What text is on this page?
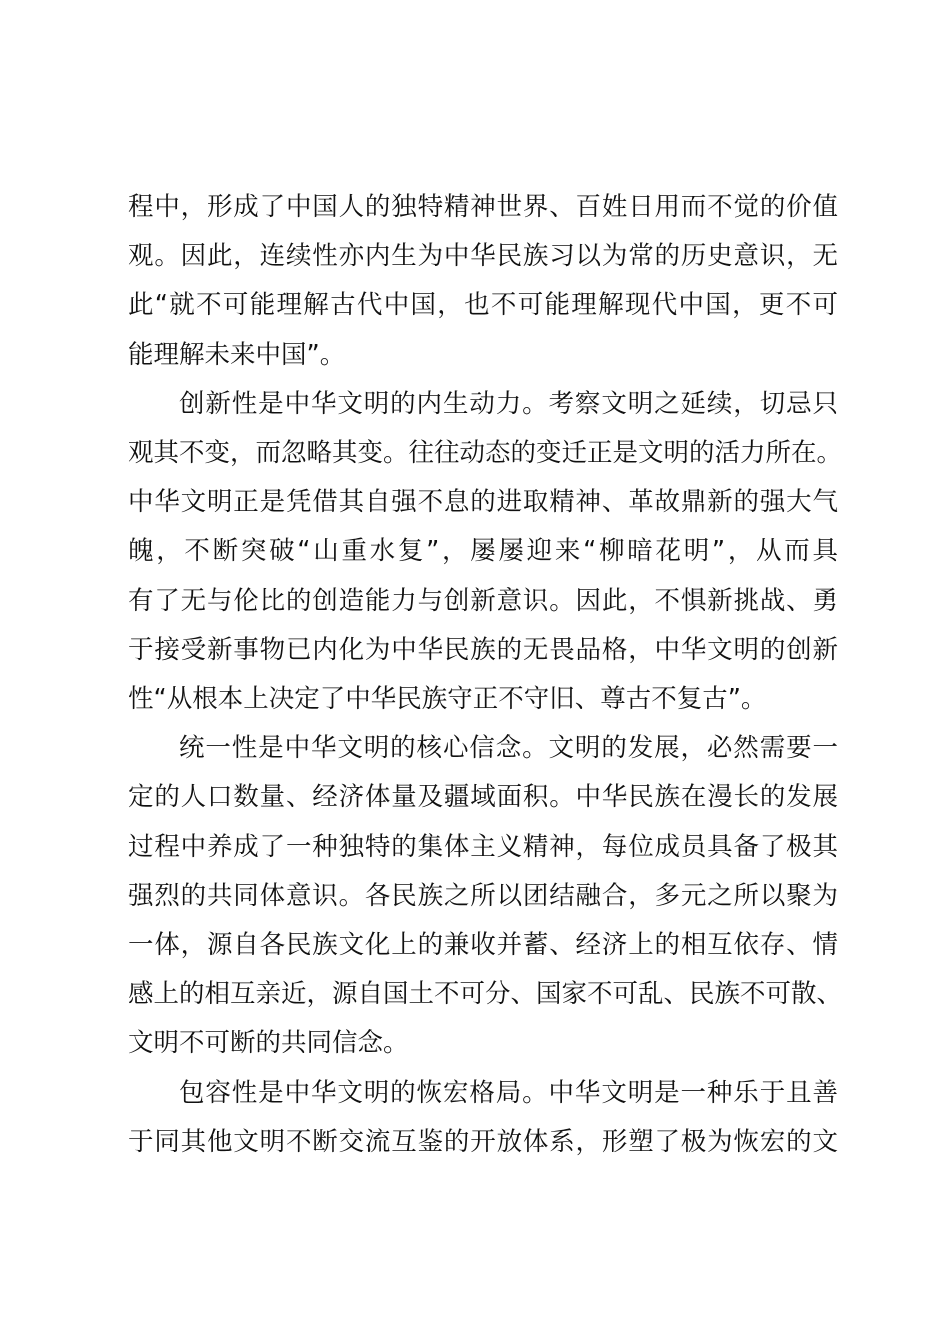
程中，形成了中国人的独特精神世界、百姓日用而不觉的价值
观。因此，连续性亦内生为中华民族习以为常的历史意识，无
此“就不可能理解古代中国，也不可能理解现代中国，更不可
能理解未来中国”。

创新性是中华文明的内生动力。考察文明之延续，切忌只
观其不变，而忽略其变。往往动态的变迁正是文明的活力所在。
中华文明正是凭借其自强不息的进取精神、革故鼎新的强大气
魄，不断突破“山重水复”，屡屡迎来“柳暗花明”，从而具
有了无与伦比的创造能力与创新意识。因此，不惧新挑战、勇
于接受新事物已内化为中华民族的无畏品格，中华文明的创新
性“从根本上决定了中华民族守正不守旧、尊古不复古”。

统一性是中华文明的核心信念。文明的发展，必然需要一
定的人口数量、经济体量及疆域面积。中华民族在漫长的发展
过程中养成了一种独特的集体主义精神，每位成员具备了极其
强烈的共同体意识。各民族之所以团结融合，多元之所以聚为
一体，源自各民族文化上的兼收并蓄、经济上的相互依存、情
感上的相互亲近，源自国土不可分、国家不可乱、民族不可散、
文明不可断的共同信念。

包容性是中华文明的恢宏格局。中华文明是一种乐于且善
于同其他文明不断交流互鉴的开放体系，形塑了极为恢宏的文
